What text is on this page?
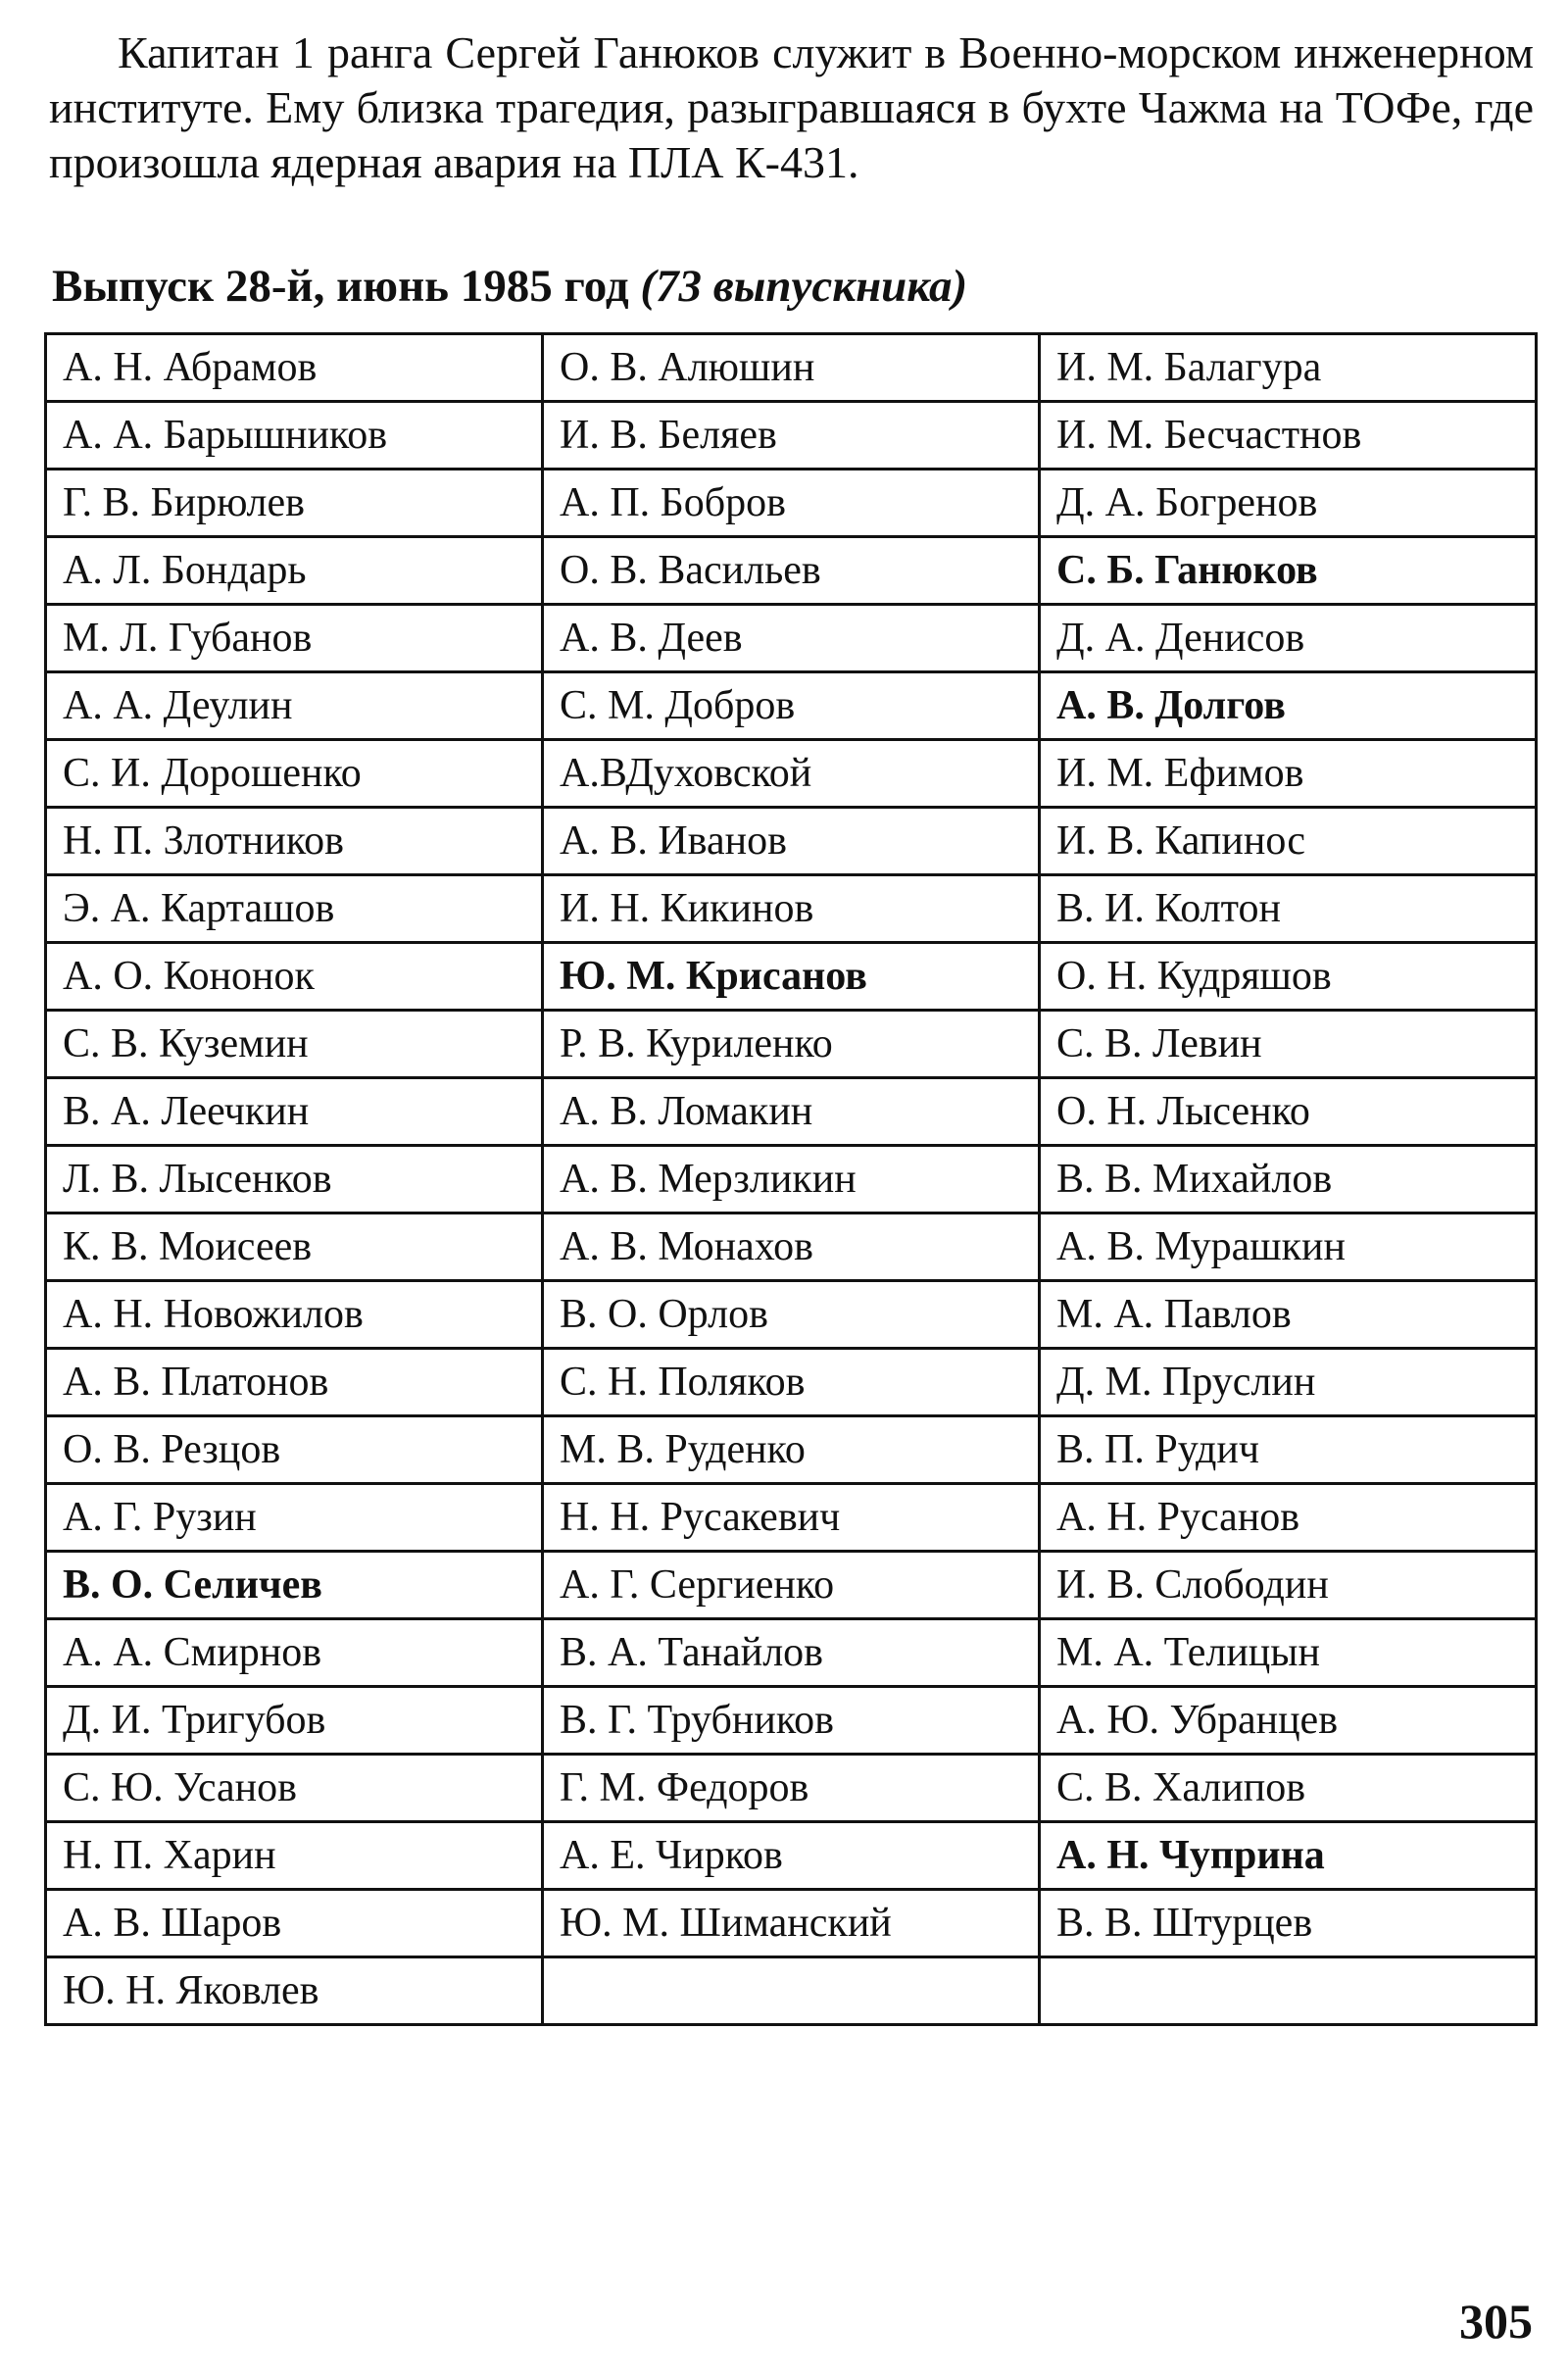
Капитан 1 ранга Сергей Ганюков служит в Военно-морском инженерном институте. Ему близка трагедия, разыгравшаяся в бухте Чажма на ТОФе, где произошла ядерная авария на ПЛА К-431.

Выпуск 28-й, июнь 1985 год (73 выпускника)
А. Н. Абрамов	О. В. Алюшин	И. М. Балагура
А. А. Барышников	И. В. Беляев	И. М. Бесчастнов
Г. В. Бирюлев	А. П. Бобров	Д. А. Богренов
А. Л. Бондарь	О. В. Васильев	С. Б. Ганюков
М. Л. Губанов	А. В. Деев	Д. А. Денисов
А. А. Деулин	С. М. Добров	А. В. Долгов
С. И. Дорошенко	А.ВДуховской	И. М. Ефимов
Н. П. Злотников	А. В. Иванов	И. В. Капинос
Э. А. Карташов	И. Н. Кикинов	В. И. Колтон
А. О. Кононок	Ю. М. Крисанов	О. Н. Кудряшов
С. В. Куземин	Р. В. Куриленко	С. В. Левин
В. А. Леечкин	А. В. Ломакин	О. Н. Лысенко
Л. В. Лысенков	А. В. Мерзликин	В. В. Михайлов
К. В. Моисеев	А. В. Монахов	А. В. Мурашкин
А. Н. Новожилов	В. О. Орлов	М. А. Павлов
А. В. Платонов	С. Н. Поляков	Д. М. Пруслин
О. В. Резцов	М. В. Руденко	В. П. Рудич
А. Г. Рузин	Н. Н. Русакевич	А. Н. Русанов
В. О. Селичев	А. Г. Сергиенко	И. В. Слободин
А. А. Смирнов	В. А. Танайлов	М. А. Телицын
Д. И. Тригубов	В. Г. Трубников	А. Ю. Убранцев
С. Ю. Усанов	Г. М. Федоров	С. В. Халипов
Н. П. Харин	А. Е. Чирков	А. Н. Чуприна
А. В. Шаров	Ю. М. Шиманский	В. В. Штурцев
Ю. Н. Яковлев		
305
